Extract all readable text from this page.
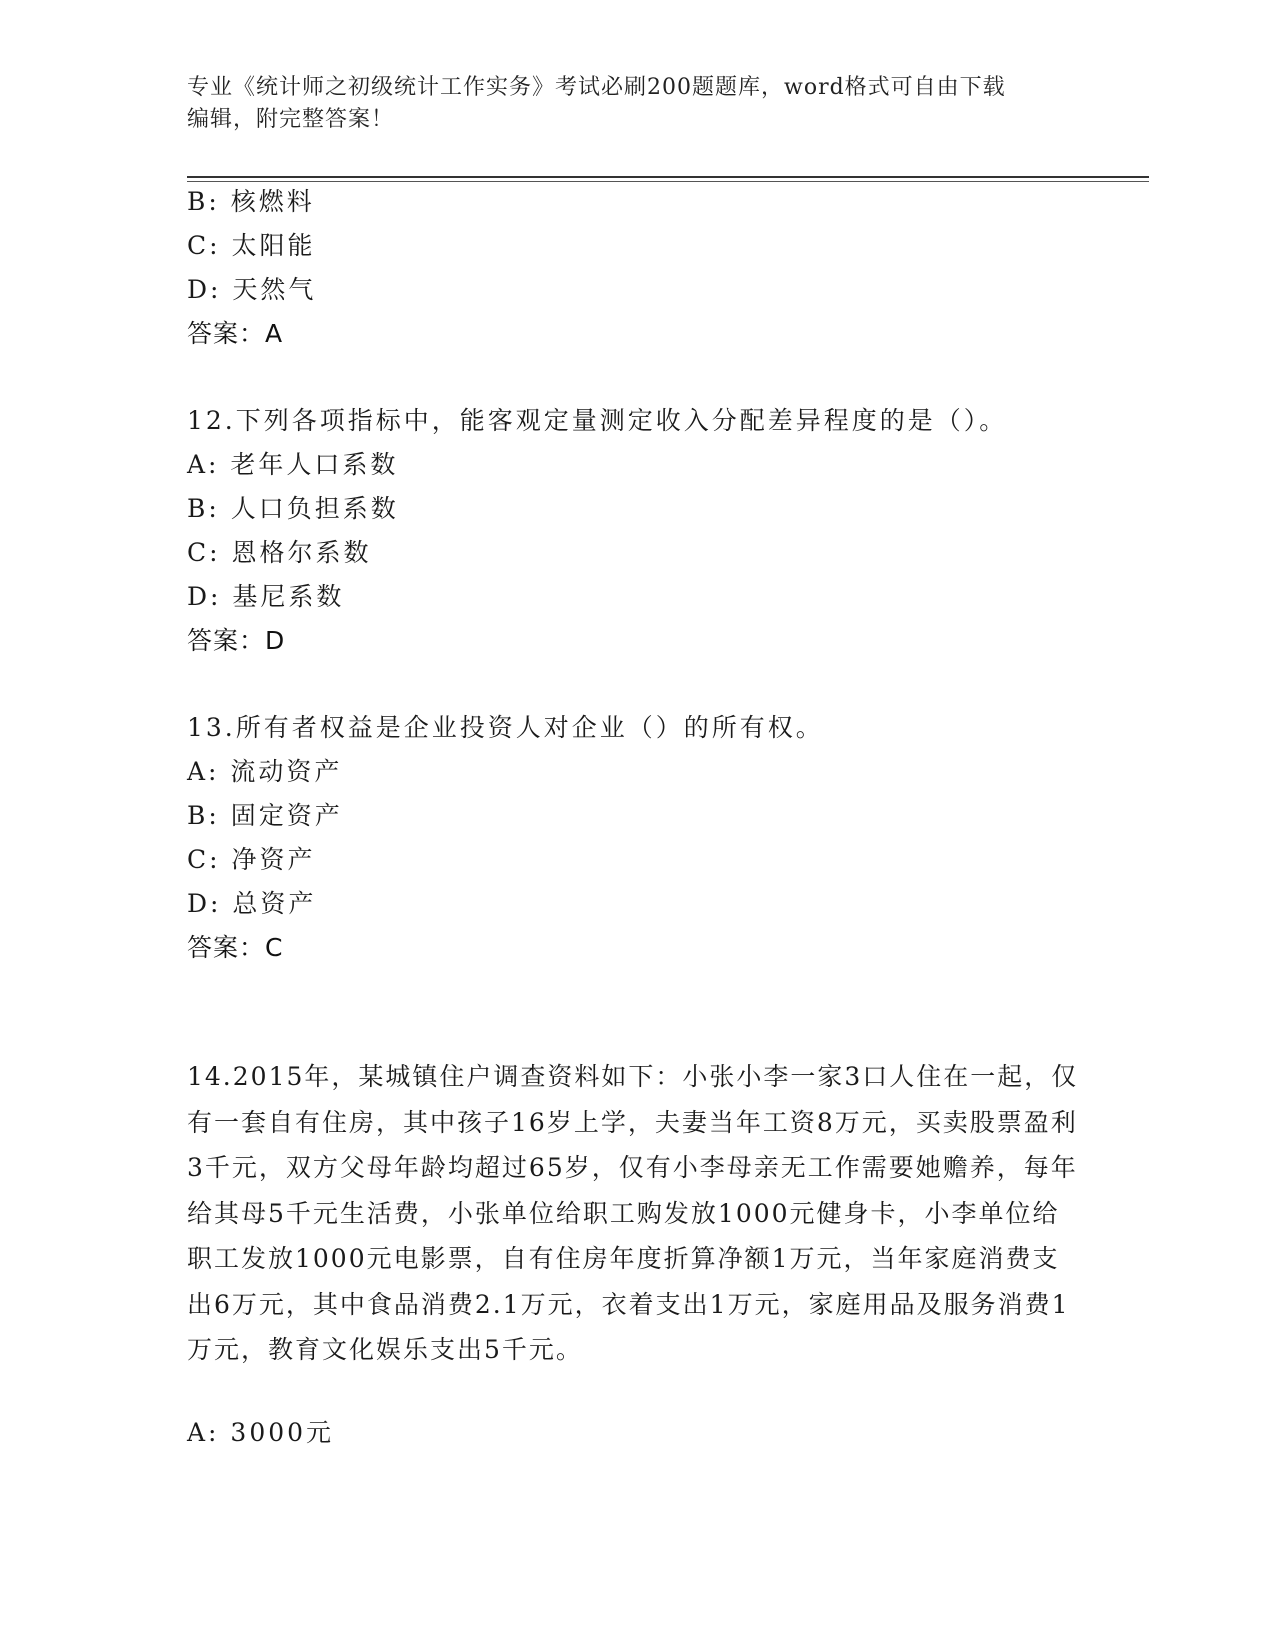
专业《统计师之初级统计工作实务》考试必刷200题题库，word格式可自由下载
编辑，附完整答案！
B: 核燃料
C: 太阳能
D: 天然气
答案：A
12.下列各项指标中，能客观定量测定收入分配差异程度的是（）。
A: 老年人口系数
B: 人口负担系数
C: 恩格尔系数
D: 基尼系数
答案：D
13.所有者权益是企业投资人对企业（）的所有权。
A: 流动资产
B: 固定资产
C: 净资产
D: 总资产
答案：C
14.2015年，某城镇住户调查资料如下：小张小李一家3口人住在一起，仅有一套自有住房，其中孩子16岁上学，夫妻当年工资8万元，买卖股票盈利3千元，双方父母年龄均超过65岁，仅有小李母亲无工作需要她赡养，每年给其母5千元生活费，小张单位给职工购发放1000元健身卡，小李单位给职工发放1000元电影票，自有住房年度折算净额1万元，当年家庭消费支出6万元，其中食品消费2.1万元，衣着支出1万元，家庭用品及服务消费1万元，教育文化娱乐支出5千元。
A: 3000元
